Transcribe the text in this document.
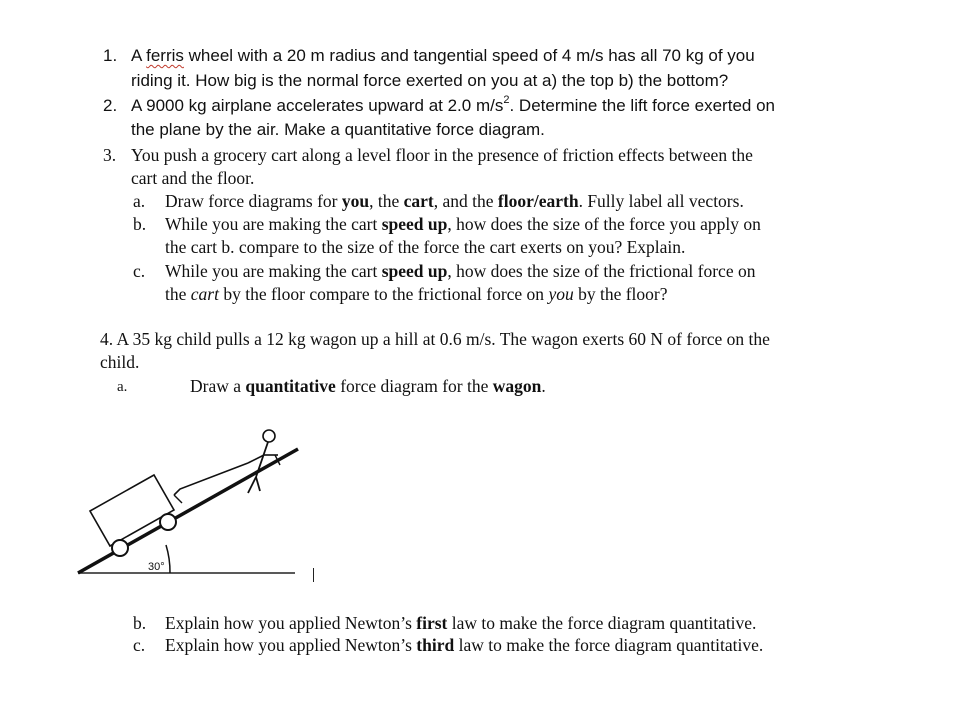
1. A ferris wheel with a 20 m radius and tangential speed of 4 m/s has all 70 kg of you
riding it. How big is the normal force exerted on you at a) the top b) the bottom?
2. A 9000 kg airplane accelerates upward at 2.0 $m/s^2$. Determine the lift force exerted on
the plane by the air. Make a quantitative force diagram.
3. You push a grocery cart along a level floor in the presence of friction effects between the
cart and the floor.
a. Draw force diagrams for you, the cart, and the floor/earth. Fully label all vectors.
b. While you are making the cart speed up, how does the size of the force you apply on
the cart b. compare to the size of the force the cart exerts on you? Explain.
c. While you are making the cart speed up, how does the size of the frictional force on
the cart by the floor compare to the frictional force on you by the floor?
4. A 35 kg child pulls a 12 kg wagon up a hill at 0.6 m/s. The wagon exerts 60 N of force on the
child.
a.	Draw a quantitative force diagram for the wagon.
30°
b. Explain how you applied Newton’s first law to make the force diagram quantitative.
c. Explain how you applied Newton’s third law to make the force diagram quantitative.
